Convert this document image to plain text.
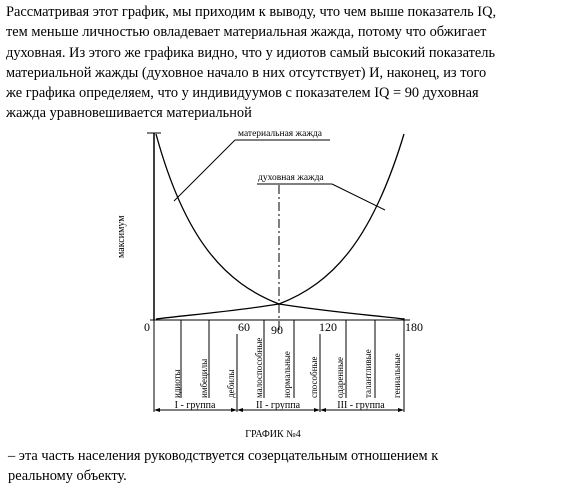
Рассматривая этот график, мы приходим к выводу, что чем выше показатель IQ,
тем меньше личностью овладевает материальная жажда, потому что обжигает
духовная. Из этого же графика видно, что у идиотов самый высокий показатель
материальной жажды (духовное начало в них отсутствует) И, наконец, из того
же графика определяем, что у индивидуумов с показателем IQ = 90 духовная
жажда уравновешивается материальной
материальная жажда
духовная жажда
максимум
0	60 90	120	180
идиоты имбецилы дебилы малоспособные нормальные способные одаренные талантливые гениальные
I - группа	II - группа	III - группа
ГРАФИК №4
– эта часть населения руководствуется созерцательным отношением к
реальному объекту.
